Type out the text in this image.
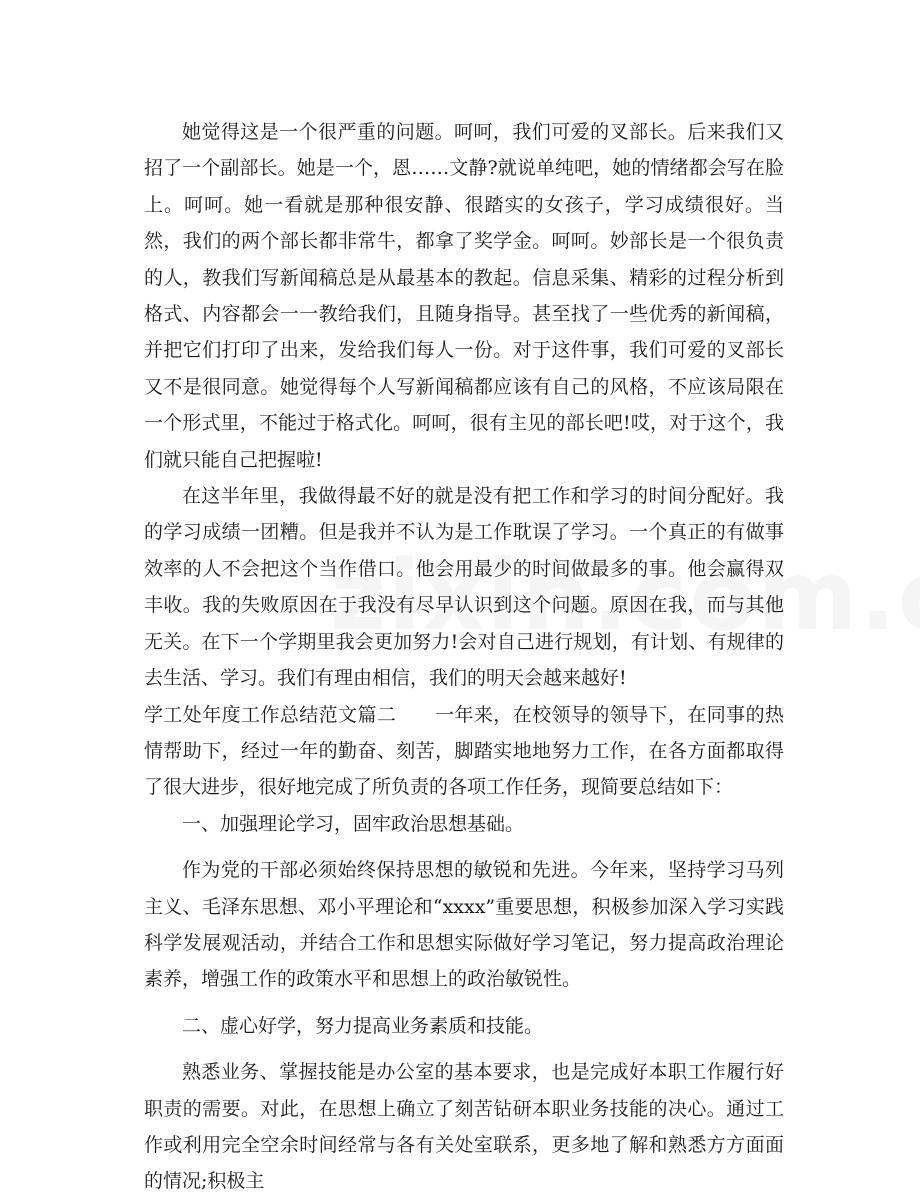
她觉得这是一个很严重的问题。呵呵，我们可爱的叉部长。后来我们又招了一个副部长。她是一个，恩……文静?就说单纯吧，她的情绪都会写在脸上。呵呵。她一看就是那种很安静、很踏实的女孩子，学习成绩很好。当然，我们的两个部长都非常牛，都拿了奖学金。呵呵。妙部长是一个很负责的人，教我们写新闻稿总是从最基本的教起。信息采集、精彩的过程分析到格式、内容都会一一教给我们，且随身指导。甚至找了一些优秀的新闻稿，并把它们打印了出来，发给我们每人一份。对于这件事，我们可爱的叉部长又不是很同意。她觉得每个人写新闻稿都应该有自己的风格，不应该局限在一个形式里，不能过于格式化。呵呵，很有主见的部长吧!哎，对于这个，我们就只能自己把握啦!

在这半年里，我做得最不好的就是没有把工作和学习的时间分配好。我的学习成绩一团糟。但是我并不认为是工作耽误了学习。一个真正的有做事效率的人不会把这个当作借口。他会用最少的时间做最多的事。他会赢得双丰收。我的失败原因在于我没有尽早认识到这个问题。原因在我，而与其他无关。在下一个学期里我会更加努力!会对自己进行规划，有计划、有规律的去生活、学习。我们有理由相信，我们的明天会越来越好!

学工处年度工作总结范文篇二　　一年来，在校领导的领导下，在同事的热情帮助下，经过一年的勤奋、刻苦，脚踏实地地努力工作，在各方面都取得了很大进步，很好地完成了所负责的各项工作任务，现简要总结如下：

一、加强理论学习，固牢政治思想基础。

作为党的干部必须始终保持思想的敏锐和先进。今年来，坚持学习马列主义、毛泽东思想、邓小平理论和“xxxx”重要思想，积极参加深入学习实践科学发展观活动，并结合工作和思想实际做好学习笔记，努力提高政治理论素养，增强工作的政策水平和思想上的政治敏锐性。

二、虚心好学，努力提高业务素质和技能。

熟悉业务、掌握技能是办公室的基本要求，也是完成好本职工作履行好职责的需要。对此，在思想上确立了刻苦钻研本职业务技能的决心。通过工作或利用完全空余时间经常与各有关处室联系，更多地了解和熟悉方方面面的情况;积极主
